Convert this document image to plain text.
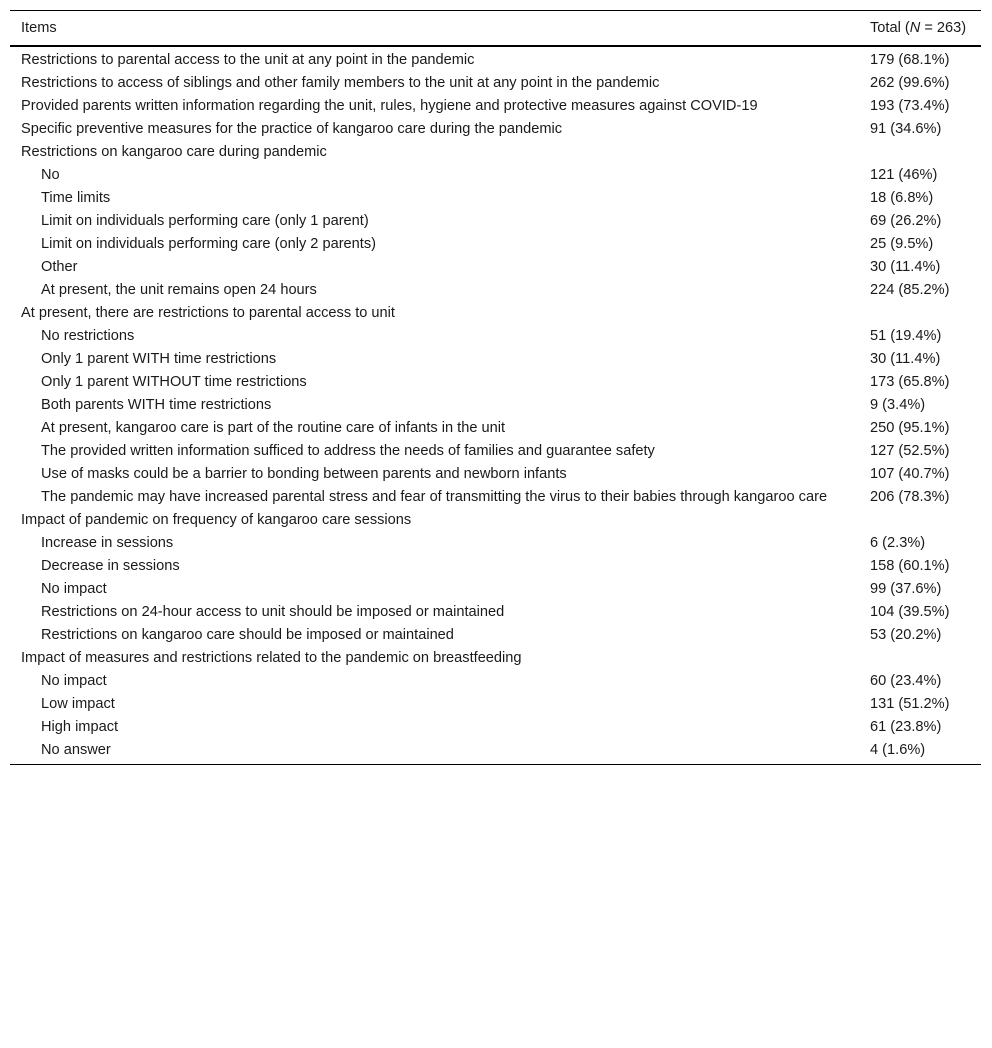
Items	Total (N = 263)
Restrictions to parental access to the unit at any point in the pandemic	179 (68.1%)
Restrictions to access of siblings and other family members to the unit at any point in the pandemic	262 (99.6%)
Provided parents written information regarding the unit, rules, hygiene and protective measures against COVID-19	193 (73.4%)
Specific preventive measures for the practice of kangaroo care during the pandemic	91 (34.6%)
Restrictions on kangaroo care during pandemic	
No	121 (46%)
Time limits	18 (6.8%)
Limit on individuals performing care (only 1 parent)	69 (26.2%)
Limit on individuals performing care (only 2 parents)	25 (9.5%)
Other	30 (11.4%)
At present, the unit remains open 24 hours	224 (85.2%)
At present, there are restrictions to parental access to unit	
No restrictions	51 (19.4%)
Only 1 parent WITH time restrictions	30 (11.4%)
Only 1 parent WITHOUT time restrictions	173 (65.8%)
Both parents WITH time restrictions	9 (3.4%)
At present, kangaroo care is part of the routine care of infants in the unit	250 (95.1%)
The provided written information sufficed to address the needs of families and guarantee safety	127 (52.5%)
Use of masks could be a barrier to bonding between parents and newborn infants	107 (40.7%)
The pandemic may have increased parental stress and fear of transmitting the virus to their babies through kangaroo care	206 (78.3%)
Impact of pandemic on frequency of kangaroo care sessions	
Increase in sessions	6 (2.3%)
Decrease in sessions	158 (60.1%)
No impact	99 (37.6%)
Restrictions on 24-hour access to unit should be imposed or maintained	104 (39.5%)
Restrictions on kangaroo care should be imposed or maintained	53 (20.2%)
Impact of measures and restrictions related to the pandemic on breastfeeding	
No impact	60 (23.4%)
Low impact	131 (51.2%)
High impact	61 (23.8%)
No answer	4 (1.6%)
